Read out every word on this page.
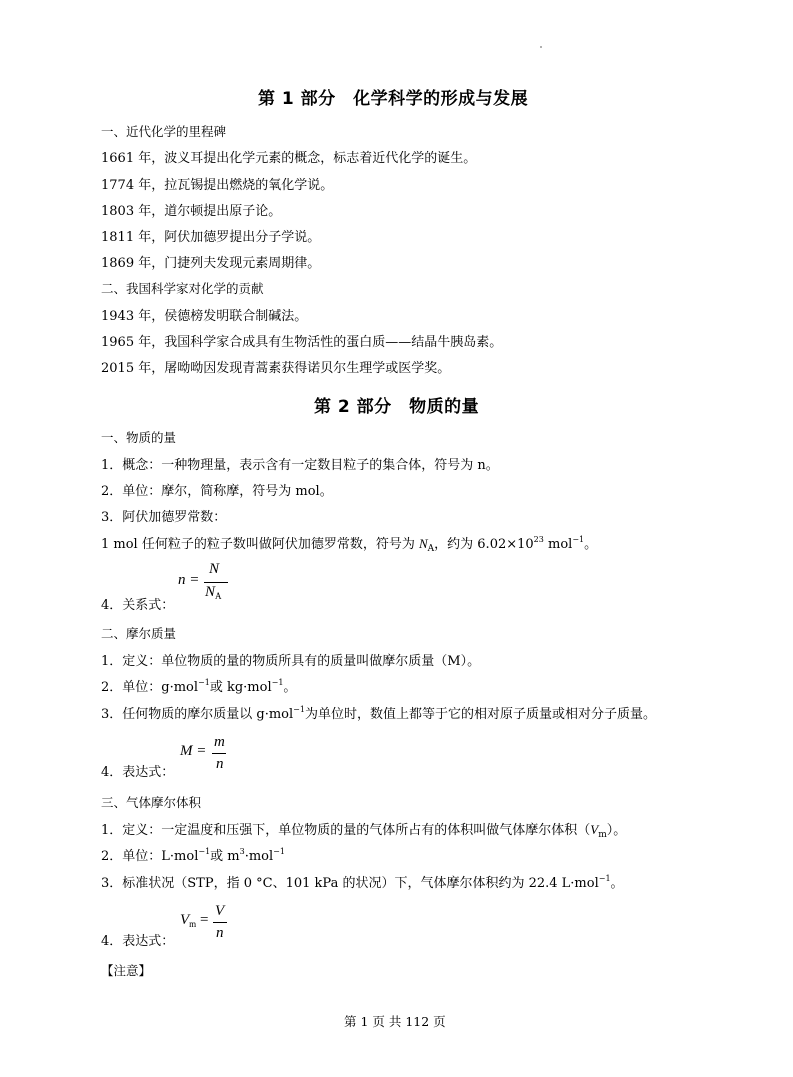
第 1 部分　化学科学的形成与发展
一、近代化学的里程碑
1661 年，波义耳提出化学元素的概念，标志着近代化学的诞生。
1774 年，拉瓦锡提出燃烧的氧化学说。
1803 年，道尔顿提出原子论。
1811 年，阿伏加德罗提出分子学说。
1869 年，门捷列夫发现元素周期律。
二、我国科学家对化学的贡献
1943 年，侯德榜发明联合制碱法。
1965 年，我国科学家合成具有生物活性的蛋白质——结晶牛胰岛素。
2015 年，屠呦呦因发现青蒿素获得诺贝尔生理学或医学奖。
第 2 部分　物质的量
一、物质的量
1．概念：一种物理量，表示含有一定数目粒子的集合体，符号为 n。
2．单位：摩尔，简称摩，符号为 mol。
3．阿伏加德罗常数：
1 mol 任何粒子的粒子数叫做阿伏加德罗常数，符号为 $N_A$，约为 $6.02\times 10^{23}$ mol$^{-1}$。
n =
N
$N_A$
4．关系式：
二、摩尔质量
1．定义：单位物质的量的物质所具有的质量叫做摩尔质量（M）。
2．单位：g·mol$^{-1}$或 kg·mol$^{-1}$。
3．任何物质的摩尔质量以 g·mol$^{-1}$为单位时，数值上都等于它的相对原子质量或相对分子质量。
M =
m
n
4．表达式：
三、气体摩尔体积
1．定义：一定温度和压强下，单位物质的量的气体所占有的体积叫做气体摩尔体积$(V_m)$。
2．单位：L·mol$^{-1}$或 $m^3\cdot mol^{-1}$
3．标准状况（STP，指 0 °C、101 kPa 的状况）下，气体摩尔体积约为 22.4 L·mol$^{-1}$。
$V_m$ =
V
n
4．表达式：
【注意】
第 1 页 共 112 页
